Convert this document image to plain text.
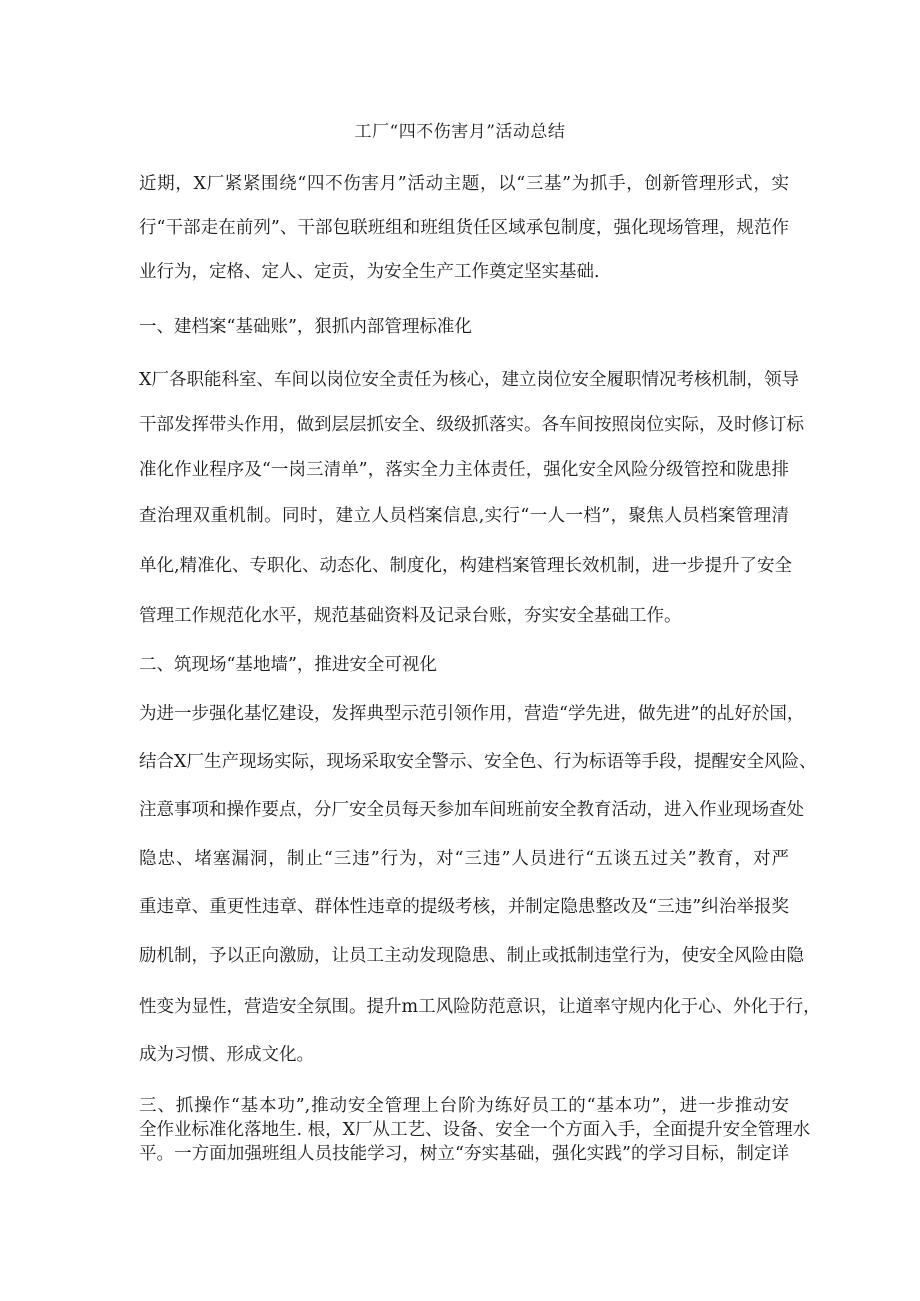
工厂“四不伤害月”活动总结

近期，X厂紧紧围绕“四不伤害月”活动主题，以“三基”为抓手，创新管理形式，实

行“干部走在前列”、干部包联班组和班组货任区域承包制度，强化现场管理，规范作

业行为，定格、定人、定贡，为安全生产工作奠定坚实基础.

一、建档案“基础账”，狠抓内部管理标准化

X厂各职能科室、车间以岗位安全责任为核心，建立岗位安全履职情况考核机制，领导

干部发挥带头作用，做到层层抓安全、级级抓落实。各车间按照岗位实际，及时修订标

准化作业程序及“一岗三清单”，落实全力主体责任，强化安全风险分级管控和陇患排

查治理双重机制。同时，建立人员档案信息,实行“一人一档”，聚焦人员档案管理清

单化,精准化、专职化、动态化、制度化，构建档案管理长效机制，进一步提升了安全

管理工作规范化水平，规范基础资料及记录台账，夯实安全基础工作。

二、筑现场“基地墙”，推进安全可视化

为进一步强化基忆建设，发挥典型示范引领作用，营造“学先进，做先进”的乩好於国，

结合X厂生产现场实际，现场采取安全警示、安全色、行为标语等手段，提醒安全风险、

注意事项和操作要点，分厂安全员每天参加车间班前安全教育活动，进入作业现场查处

隐忠、堵塞漏洞，制止“三违”行为，对“三违”人员进行“五谈五过关”教育，对严

重违章、重更性违章、群体性违章的提级考核，并制定隐患整改及“三违”纠治举报奖

励机制，予以正向激励，让员工主动发现隐患、制止或抵制违堂行为，使安全风险由隐

性变为显性，营造安全氛围。提升m工风险防范意识，让道率守规内化于心、外化于行，

成为习惯、形成文化。

三、抓操作“基本功”,推动安全管理上台阶为练好员工的“基本功”，进一步推动安

全作业标准化落地生. 根，X厂从工艺、设备、安全一个方面入手，全面提升安全管理水

平。一方面加强班组人员技能学习，树立“夯实基础，强化实践”的学习目标，制定详
